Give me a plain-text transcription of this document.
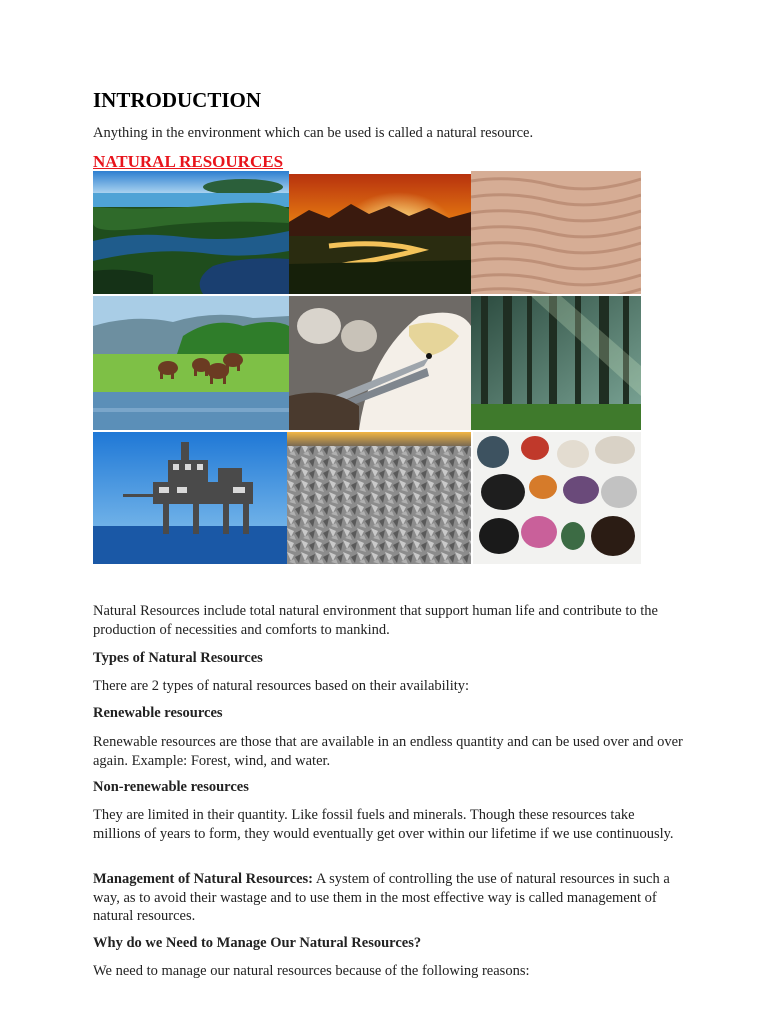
INTRODUCTION

Anything in the environment which can be used is called a natural resource.

NATURAL RESOURCES

Natural Resources include total natural environment that support human life and contribute to the production of necessities and comforts to mankind.

Types of Natural Resources

There are 2 types of natural resources based on their availability:

Renewable resources

Renewable resources are those that are available in an endless quantity and can be used over and over again. Example: Forest, wind, and water.

Non-renewable resources

They are limited in their quantity. Like fossil fuels and minerals. Though these resources take millions of years to form, they would eventually get over within our lifetime if we use continuously.

Management of Natural Resources: A system of controlling the use of natural resources in such a way, as to avoid their wastage and to use them in the most effective way is called management of natural resources.

Why do we Need to Manage Our Natural Resources?

We need to manage our natural resources because of the following reasons:
